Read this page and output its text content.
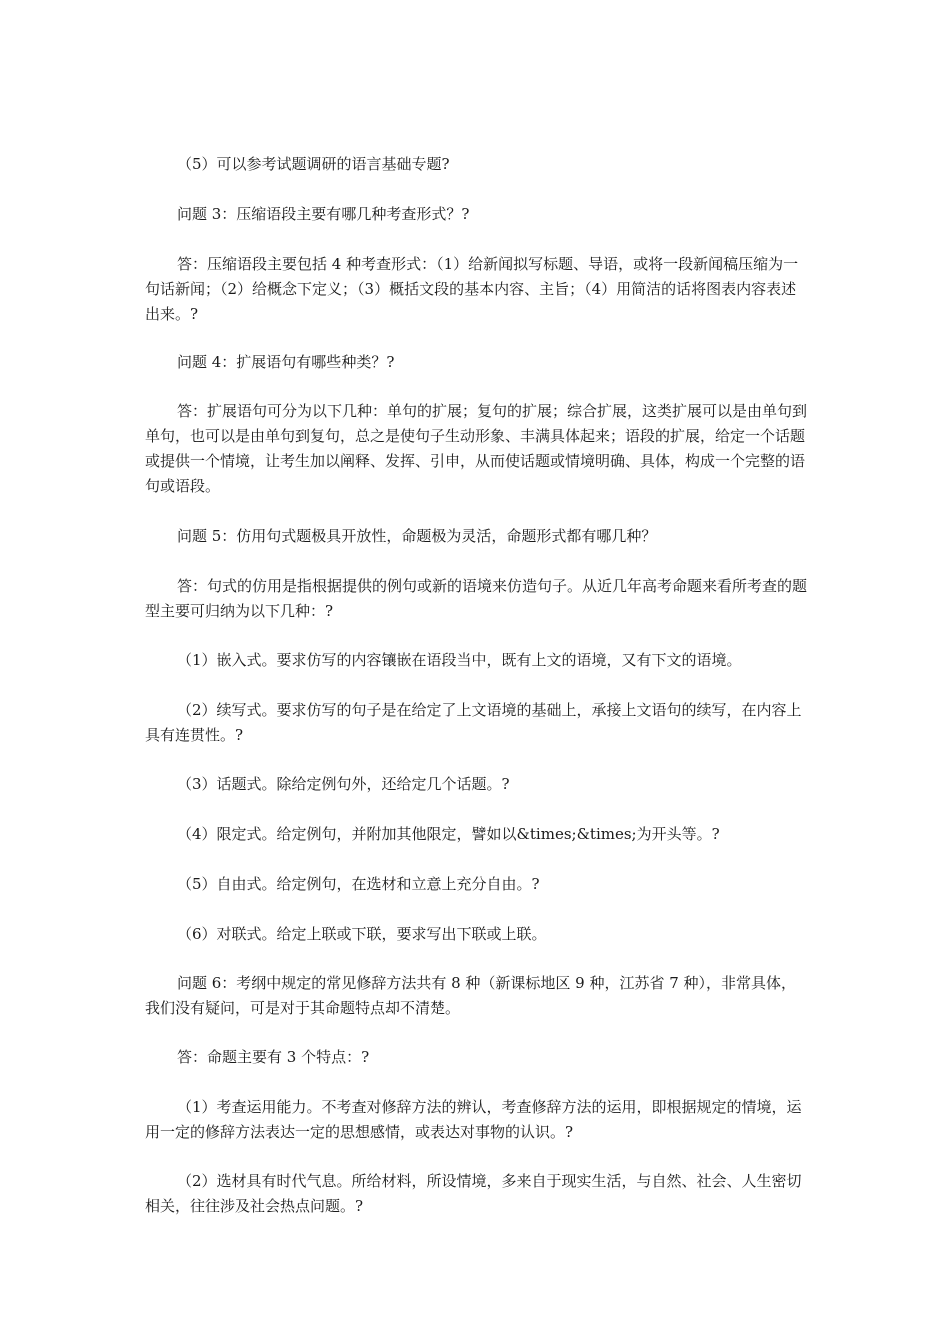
（5）可以参考试题调研的语言基础专题?

问题 3：压缩语段主要有哪几种考查形式？?

答：压缩语段主要包括 4 种考查形式：（1）给新闻拟写标题、导语，或将一段新闻稿压缩为一句话新闻；（2）给概念下定义；（3）概括文段的基本内容、主旨；（4）用简洁的话将图表内容表述出来。?

问题 4：扩展语句有哪些种类？?

答：扩展语句可分为以下几种：单句的扩展；复句的扩展；综合扩展，这类扩展可以是由单句到单句，也可以是由单句到复句，总之是使句子生动形象、丰满具体起来；语段的扩展，给定一个话题或提供一个情境，让考生加以阐释、发挥、引申，从而使话题或情境明确、具体，构成一个完整的语句或语段。

问题 5：仿用句式题极具开放性，命题极为灵活，命题形式都有哪几种？

答：句式的仿用是指根据提供的例句或新的语境来仿造句子。从近几年高考命题来看所考查的题型主要可归纳为以下几种：?

（1）嵌入式。要求仿写的内容镶嵌在语段当中，既有上文的语境，又有下文的语境。

（2）续写式。要求仿写的句子是在给定了上文语境的基础上，承接上文语句的续写，在内容上具有连贯性。?

（3）话题式。除给定例句外，还给定几个话题。?

（4）限定式。给定例句，并附加其他限定，譬如以&times;&times;为开头等。?

（5）自由式。给定例句，在选材和立意上充分自由。?

（6）对联式。给定上联或下联，要求写出下联或上联。

问题 6：考纲中规定的常见修辞方法共有 8 种（新课标地区 9 种，江苏省 7 种），非常具体，我们没有疑问，可是对于其命题特点却不清楚。

答：命题主要有 3 个特点：?

（1）考查运用能力。不考查对修辞方法的辨认，考查修辞方法的运用，即根据规定的情境，运用一定的修辞方法表达一定的思想感情，或表达对事物的认识。?

（2）选材具有时代气息。所给材料，所设情境，多来自于现实生活，与自然、社会、人生密切相关，往往涉及社会热点问题。?
